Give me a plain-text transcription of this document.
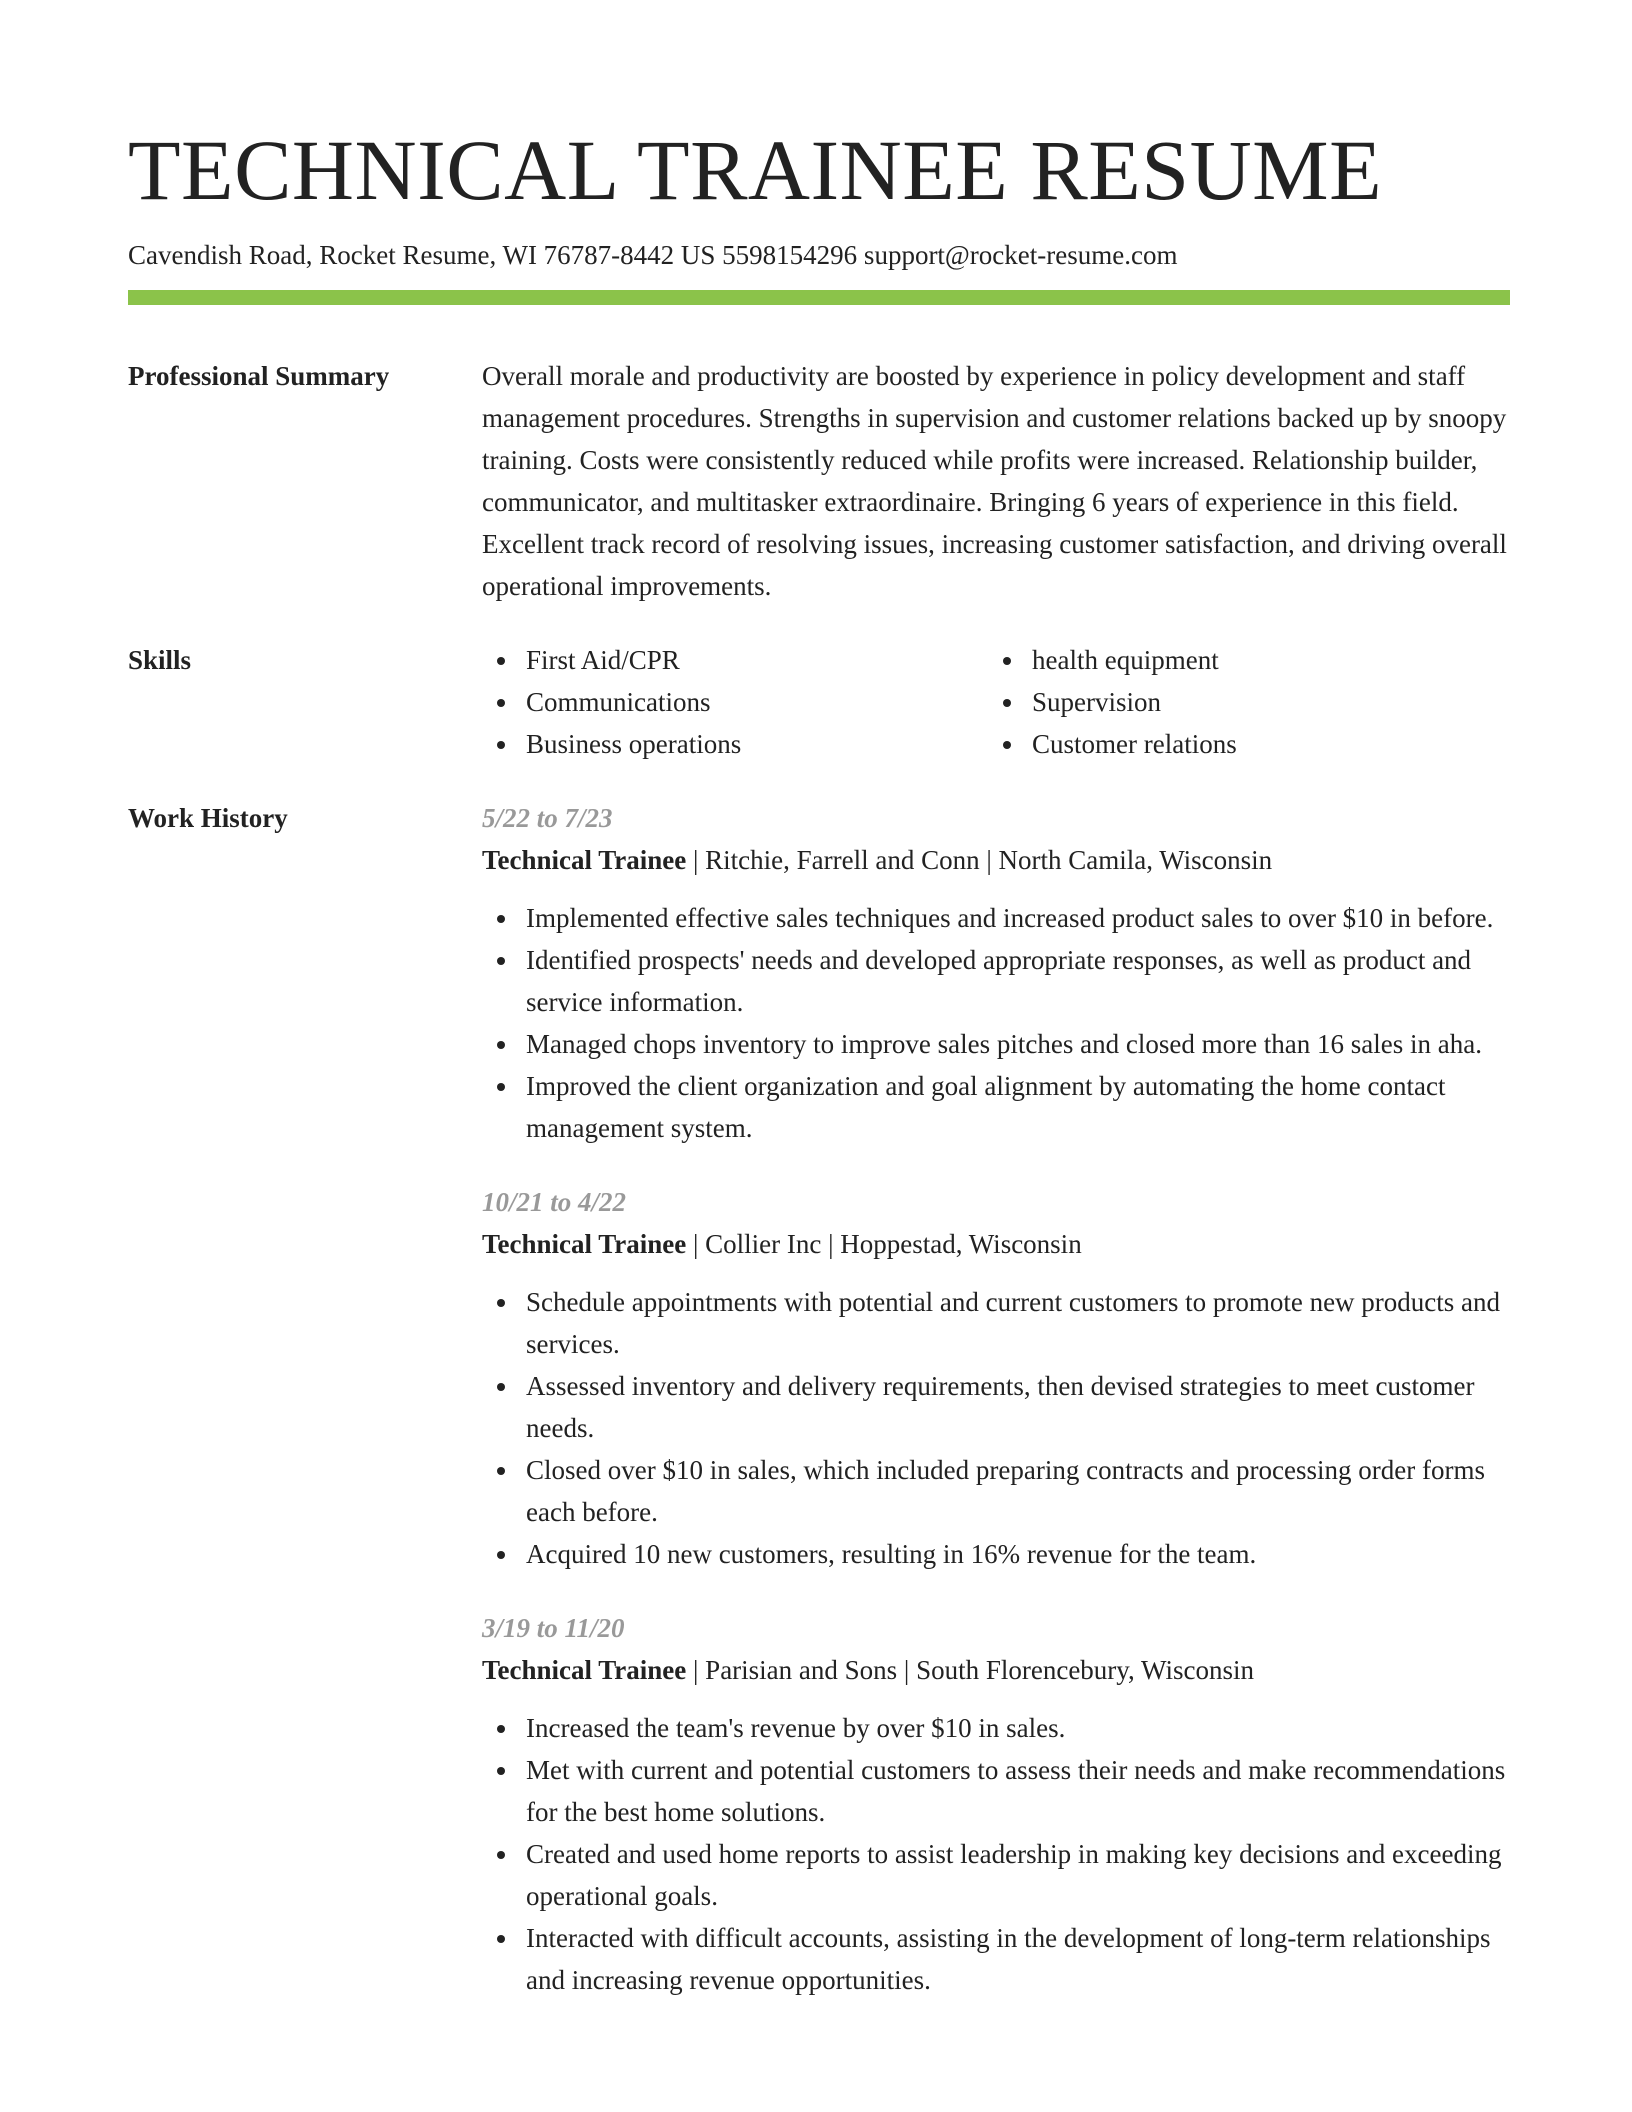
TECHNICAL TRAINEE RESUME
Cavendish Road, Rocket Resume, WI 76787-8442 US 5598154296 support@rocket-resume.com
Professional Summary	Overall morale and productivity are boosted by experience in policy development and staff management procedures. Strengths in supervision and customer relations backed up by snoopy training. Costs were consistently reduced while profits were increased. Relationship builder, communicator, and multitasker extraordinaire. Bringing 6 years of experience in this field. Excellent track record of resolving issues, increasing customer satisfaction, and driving overall operational improvements.
Skills	First Aid/CPR
Communications
Business operations
health equipment
Supervision
Customer relations
Work History	5/22 to 7/23
Technical Trainee | Ritchie, Farrell and Conn | North Camila, Wisconsin
Implemented effective sales techniques and increased product sales to over $10 in before.
Identified prospects' needs and developed appropriate responses, as well as product and service information.
Managed chops inventory to improve sales pitches and closed more than 16 sales in aha.
Improved the client organization and goal alignment by automating the home contact management system.
10/21 to 4/22
Technical Trainee | Collier Inc | Hoppestad, Wisconsin
Schedule appointments with potential and current customers to promote new products and services.
Assessed inventory and delivery requirements, then devised strategies to meet customer needs.
Closed over $10 in sales, which included preparing contracts and processing order forms each before.
Acquired 10 new customers, resulting in 16% revenue for the team.
3/19 to 11/20
Technical Trainee | Parisian and Sons | South Florencebury, Wisconsin
Increased the team's revenue by over $10 in sales.
Met with current and potential customers to assess their needs and make recommendations for the best home solutions.
Created and used home reports to assist leadership in making key decisions and exceeding operational goals.
Interacted with difficult accounts, assisting in the development of long-term relationships and increasing revenue opportunities.
